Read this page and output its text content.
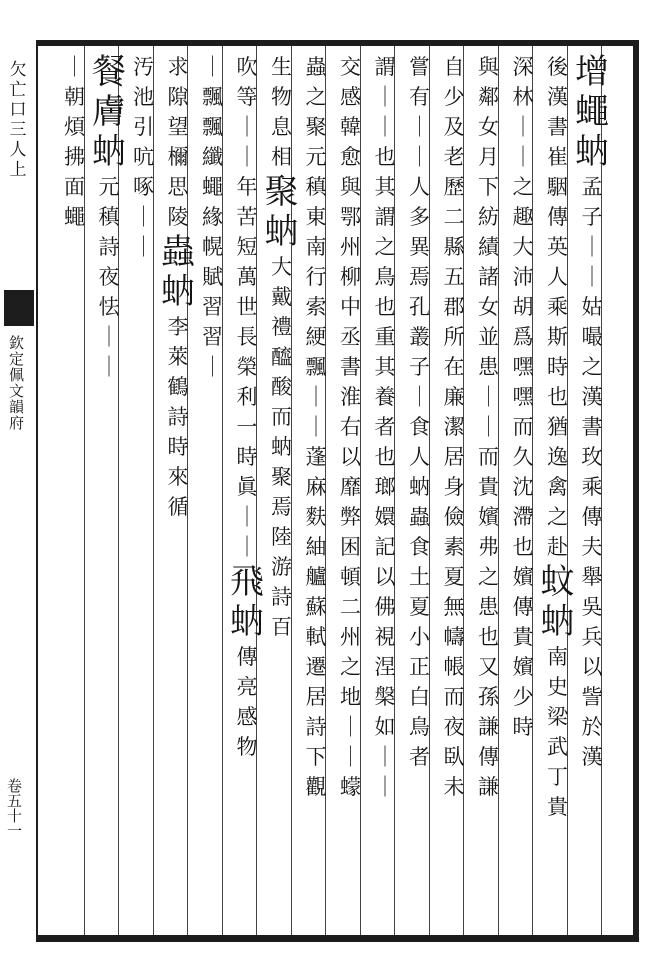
欠
亡
口
三
人
上
欽定佩文韻府
卷五十一
增
蠅
蚋
孟
子
｜
｜
姑
嘬
之
漢
書
玫
乘
傳
夫
舉
吳
兵
以
訾
於
漢
後
漢
書
崔
駰
傳
英
人
乘
斯
時
也
猶
逸
禽
之
赴
蚊
蚋
南
史
梁
武
丁
貴
深
林
｜
｜
之
趣
大
沛
胡
爲
嘿
嘿
而
久
沈
滯
也
嬪
傳
貴
嬪
少
時
與
鄰
女
月
下
紡
績
諸
女
並
患
｜
｜
而
貴
嬪
弗
之
患
也
又
孫
謙
傳
謙
自
少
及
老
歷
二
縣
五
郡
所
在
廉
潔
居
身
儉
素
夏
無
幬
帳
而
夜
臥
未
嘗
有
｜
｜
人
多
異
焉
孔
叢
子
｜
食
人
蚋
蟲
食
土
夏
小
正
白
鳥
者
謂
｜
｜
也
其
謂
之
鳥
也
重
其
養
者
也
瑯
嬛
記
以
佛
視
涅
槃
如
｜
｜
交
感
韓
愈
與
鄂
州
柳
中
丞
書
淮
右
以
靡
弊
困
頓
二
州
之
地
｜
｜
蠓
蟲
之
聚
元
稹
東
南
行
索
綆
飄
｜
｜
蓬
麻
麩
紬
艫
蘇
軾
遷
居
詩
下
觀
生
物
息
相
聚
蚋
大
戴
禮
醯
酸
而
蚋
聚
焉
陸
游
詩
百
吹
等
｜
｜
年
苦
短
萬
世
長
榮
利
一
時
眞
｜
｜
飛
蚋
傳
亮
感
物
｜
飄
飄
纖
蠅
緣
幌
賦
習
習
｜
求
隙
望
檷
思
陵
蟲
蚋
李
萊
鶴
詩
時
來
循
汚
池
引
吭
啄
｜
｜
餐
膚
蚋
元
稹
詩
夜
怯
｜
｜
｜
朝
煩
拂
面
蠅
